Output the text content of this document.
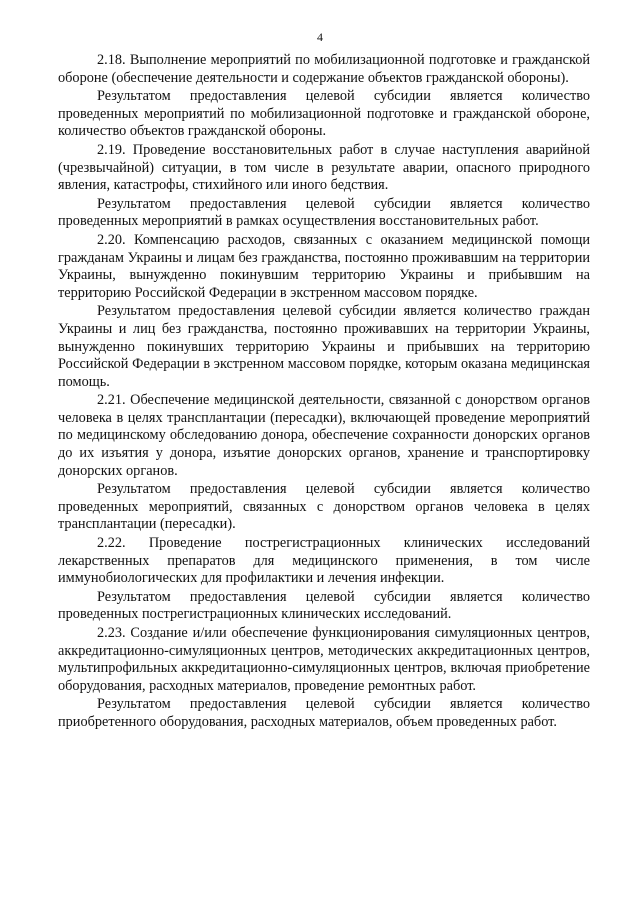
4

2.18. Выполнение мероприятий по мобилизационной подготовке и гражданской обороне (обеспечение деятельности и содержание объектов гражданской обороны).

Результатом предоставления целевой субсидии является количество проведенных мероприятий по мобилизационной подготовке и гражданской обороне, количество объектов гражданской обороны.

2.19. Проведение восстановительных работ в случае наступления аварийной (чрезвычайной) ситуации, в том числе в результате аварии, опасного природного явления, катастрофы, стихийного или иного бедствия.

Результатом предоставления целевой субсидии является количество проведенных мероприятий в рамках осуществления восстановительных работ.

2.20. Компенсацию расходов, связанных с оказанием медицинской помощи гражданам Украины и лицам без гражданства, постоянно проживавшим на территории Украины, вынужденно покинувшим территорию Украины и прибывшим на территорию Российской Федерации в экстренном массовом порядке.

Результатом предоставления целевой субсидии является количество граждан Украины и лиц без гражданства, постоянно проживавших на территории Украины, вынужденно покинувших территорию Украины и прибывших на территорию Российской Федерации в экстренном массовом порядке, которым оказана медицинская помощь.

2.21. Обеспечение медицинской деятельности, связанной с донорством органов человека в целях трансплантации (пересадки), включающей проведение мероприятий по медицинскому обследованию донора, обеспечение сохранности донорских органов до их изъятия у донора, изъятие донорских органов, хранение и транспортировку донорских органов.

Результатом предоставления целевой субсидии является количество проведенных мероприятий, связанных с донорством органов человека в целях трансплантации (пересадки).

2.22. Проведение пострегистрационных клинических исследований лекарственных препаратов для медицинского применения, в том числе иммунобиологических для профилактики и лечения инфекции.

Результатом предоставления целевой субсидии является количество проведенных пострегистрационных клинических исследований.

2.23. Создание и/или обеспечение функционирования симуляционных центров, аккредитационно-симуляционных центров, методических аккредитационных центров, мультипрофильных аккредитационно-симуляционных центров, включая приобретение оборудования, расходных материалов, проведение ремонтных работ.

Результатом предоставления целевой субсидии является количество приобретенного оборудования, расходных материалов, объем проведенных работ.
